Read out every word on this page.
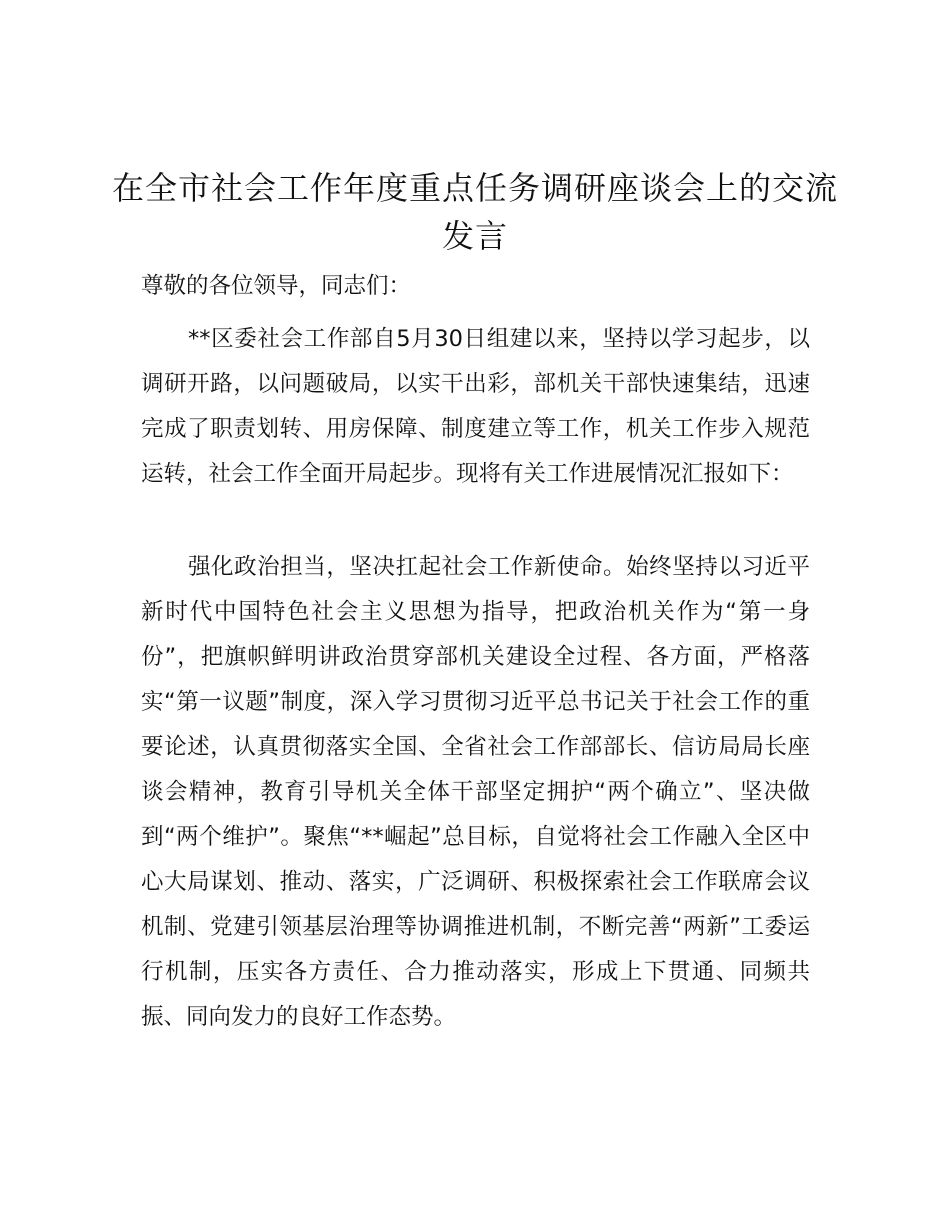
在全市社会工作年度重点任务调研座谈会上的交流发言

尊敬的各位领导，同志们：

**区委社会工作部自5月30日组建以来，坚持以学习起步，以调研开路，以问题破局，以实干出彩，部机关干部快速集结，迅速完成了职责划转、用房保障、制度建立等工作，机关工作步入规范运转，社会工作全面开局起步。现将有关工作进展情况汇报如下：

强化政治担当，坚决扛起社会工作新使命。始终坚持以习近平新时代中国特色社会主义思想为指导，把政治机关作为“第一身份”，把旗帜鲜明讲政治贯穿部机关建设全过程、各方面，严格落实“第一议题”制度，深入学习贯彻习近平总书记关于社会工作的重要论述，认真贯彻落实全国、全省社会工作部部长、信访局局长座谈会精神，教育引导机关全体干部坚定拥护“两个确立”、坚决做到“两个维护”。聚焦“**崛起”总目标，自觉将社会工作融入全区中心大局谋划、推动、落实，广泛调研、积极探索社会工作联席会议机制、党建引领基层治理等协调推进机制，不断完善“两新”工委运行机制，压实各方责任、合力推动落实，形成上下贯通、同频共振、同向发力的良好工作态势。
